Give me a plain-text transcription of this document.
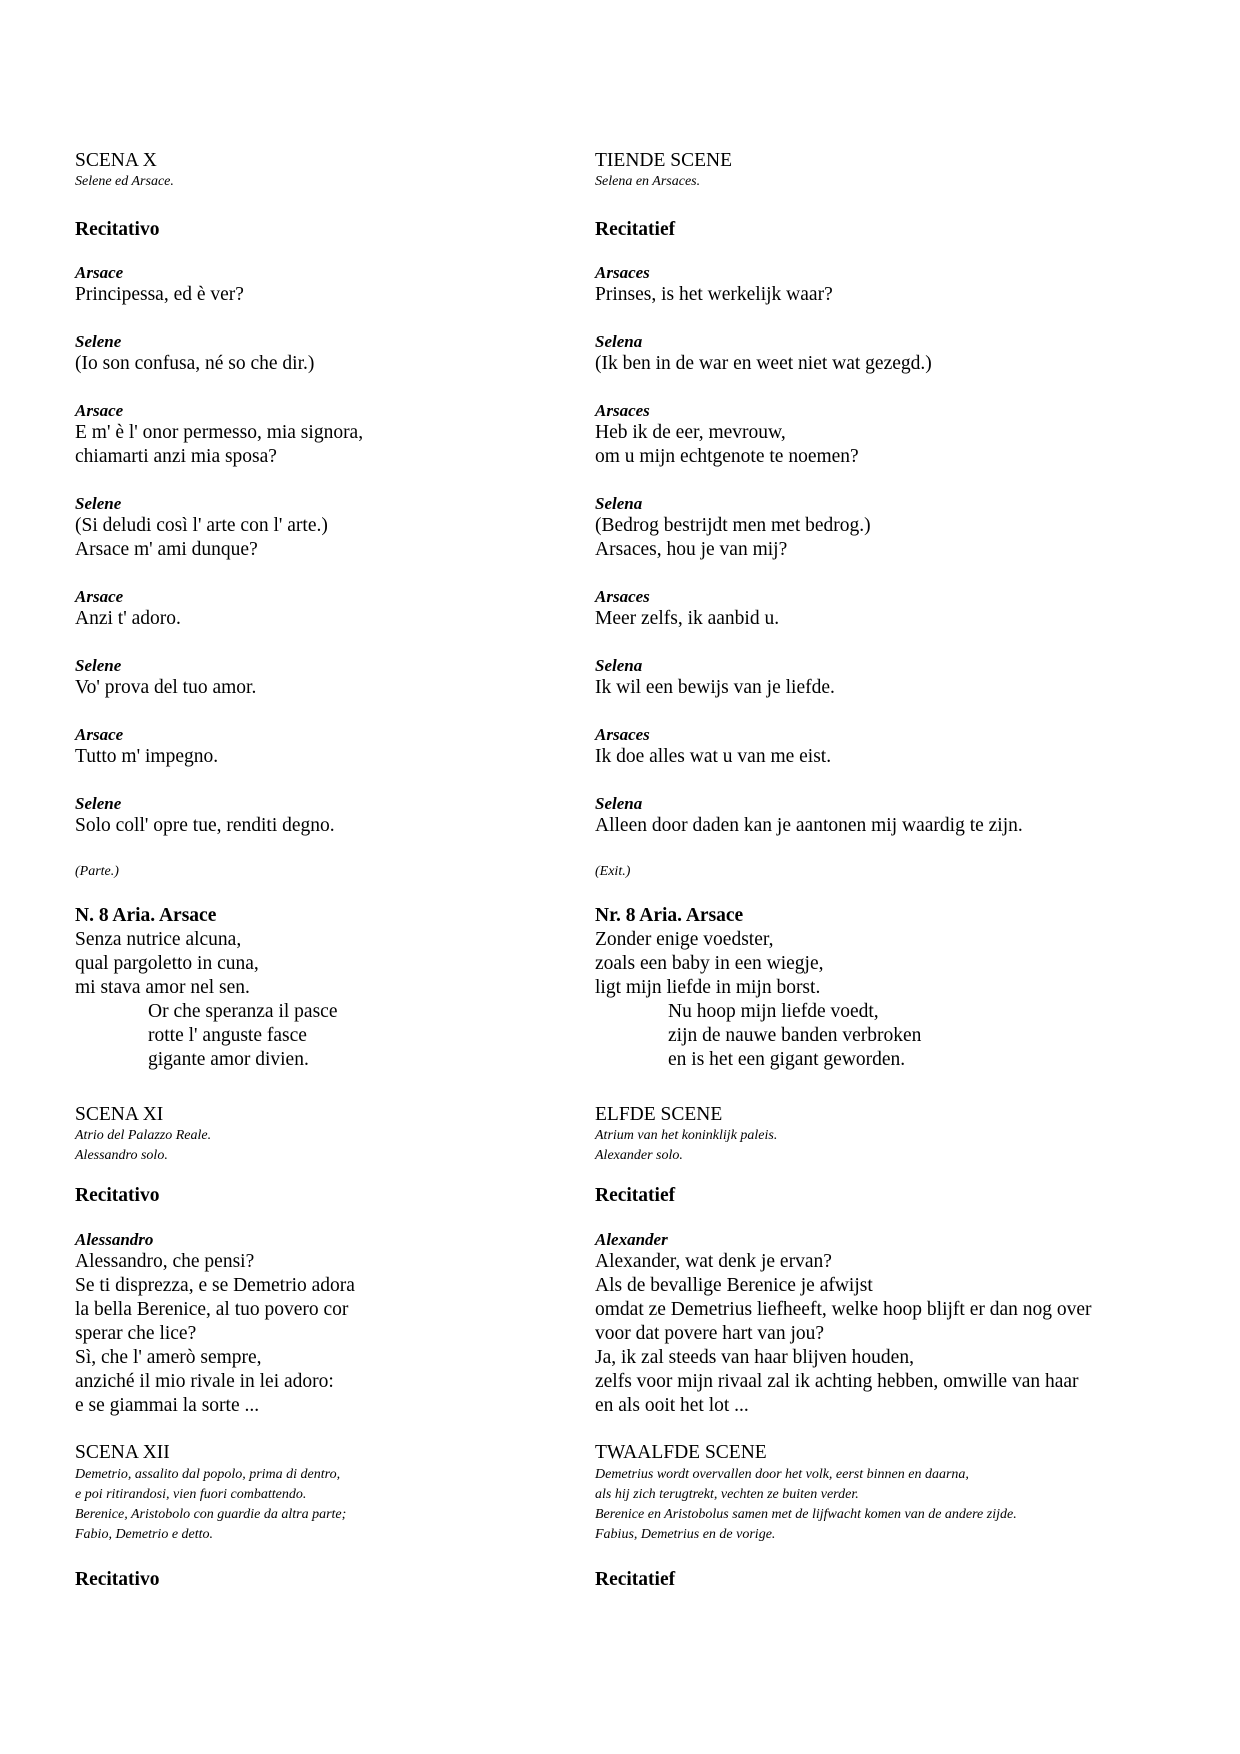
SCENA X
Selene ed Arsace.
Recitativo
Arsace
Principessa, ed è ver?
Selene
(Io son confusa, né so che dir.)
Arsace
E m' è l' onor permesso, mia signora,
chiamarti anzi mia sposa?
Selene
(Si deludi così l' arte con l' arte.)
Arsace m' ami dunque?
Arsace
Anzi t' adoro.
Selene
Vo' prova del tuo amor.
Arsace
Tutto m' impegno.
Selene
Solo coll' opre tue, renditi degno.
(Parte.)
N. 8 Aria. Arsace
Senza nutrice alcuna,
qual pargoletto in cuna,
mi stava amor nel sen.
Or che speranza il pasce
rotte l' anguste fasce
gigante amor divien.
SCENA XI
Atrio del Palazzo Reale.
Alessandro solo.
Recitativo
Alessandro
Alessandro, che pensi?
Se ti disprezza, e se Demetrio adora
la bella Berenice, al tuo povero cor
sperar che lice?
Sì, che l' amerò sempre,
anziché il mio rivale in lei adoro:
e se giammai la sorte ...
SCENA XII
Demetrio, assalito dal popolo, prima di dentro,
e poi ritirandosi, vien fuori combattendo.
Berenice, Aristobolo con guardie da altra parte;
Fabio, Demetrio e detto.
Recitativo
TIENDE SCENE
Selena en Arsaces.
Recitatief
Arsaces
Prinses, is het werkelijk waar?
Selena
(Ik ben in de war en weet niet wat gezegd.)
Arsaces
Heb ik de eer, mevrouw,
om u mijn echtgenote te noemen?
Selena
(Bedrog bestrijdt men met bedrog.)
Arsaces, hou je van mij?
Arsaces
Meer zelfs, ik aanbid u.
Selena
Ik wil een bewijs van je liefde.
Arsaces
Ik doe alles wat u van me eist.
Selena
Alleen door daden kan je aantonen mij waardig te zijn.
(Exit.)
Nr. 8 Aria. Arsace
Zonder enige voedster,
zoals een baby in een wiegje,
ligt mijn liefde in mijn borst.
Nu hoop mijn liefde voedt,
zijn de nauwe banden verbroken
en is het een gigant geworden.
ELFDE SCENE
Atrium van het koninklijk paleis.
Alexander solo.
Recitatief
Alexander
Alexander, wat denk je ervan?
Als de bevallige Berenice je afwijst
omdat ze Demetrius liefheeft, welke hoop blijft er dan nog over
voor dat povere hart van jou?
Ja, ik zal steeds van haar blijven houden,
zelfs voor mijn rivaal zal ik achting hebben, omwille van haar
en als ooit het lot ...
TWAALFDE SCENE
Demetrius wordt overvallen door het volk, eerst binnen en daarna,
als hij zich terugtrekt, vechten ze buiten verder.
Berenice en Aristobolus samen met de lijfwacht komen van de andere zijde.
Fabius, Demetrius en de vorige.
Recitatief
